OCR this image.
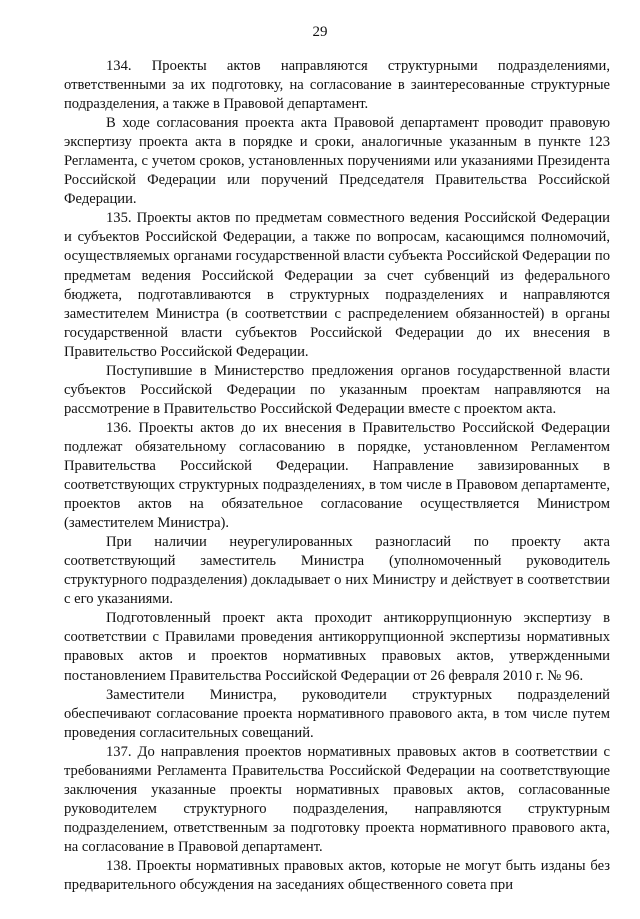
29

134. Проекты актов направляются структурными подразделениями, ответственными за их подготовку, на согласование в заинтересованные структурные подразделения, а также в Правовой департамент.

В ходе согласования проекта акта Правовой департамент проводит правовую экспертизу проекта акта в порядке и сроки, аналогичные указанным в пункте 123 Регламента, с учетом сроков, установленных поручениями или указаниями Президента Российской Федерации или поручений Председателя Правительства Российской Федерации.

135. Проекты актов по предметам совместного ведения Российской Федерации и субъектов Российской Федерации, а также по вопросам, касающимся полномочий, осуществляемых органами государственной власти субъекта Российской Федерации по предметам ведения Российской Федерации за счет субвенций из федерального бюджета, подготавливаются в структурных подразделениях и направляются заместителем Министра (в соответствии с распределением обязанностей) в органы государственной власти субъектов Российской Федерации до их внесения в Правительство Российской Федерации.

Поступившие в Министерство предложения органов государственной власти субъектов Российской Федерации по указанным проектам направляются на рассмотрение в Правительство Российской Федерации вместе с проектом акта.

136. Проекты актов до их внесения в Правительство Российской Федерации подлежат обязательному согласованию в порядке, установленном Регламентом Правительства Российской Федерации. Направление завизированных в соответствующих структурных подразделениях, в том числе в Правовом департаменте, проектов актов на обязательное согласование осуществляется Министром (заместителем Министра).

При наличии неурегулированных разногласий по проекту акта соответствующий заместитель Министра (уполномоченный руководитель структурного подразделения) докладывает о них Министру и действует в соответствии с его указаниями.

Подготовленный проект акта проходит антикоррупционную экспертизу в соответствии с Правилами проведения антикоррупционной экспертизы нормативных правовых актов и проектов нормативных правовых актов, утвержденными постановлением Правительства Российской Федерации от 26 февраля 2010 г. № 96.

Заместители Министра, руководители структурных подразделений обеспечивают согласование проекта нормативного правового акта, в том числе путем проведения согласительных совещаний.

137. До направления проектов нормативных правовых актов в соответствии с требованиями Регламента Правительства Российской Федерации на соответствующие заключения указанные проекты нормативных правовых актов, согласованные руководителем структурного подразделения, направляются структурным подразделением, ответственным за подготовку проекта нормативного правового акта, на согласование в Правовой департамент.

138. Проекты нормативных правовых актов, которые не могут быть изданы без предварительного обсуждения на заседаниях общественного совета при
